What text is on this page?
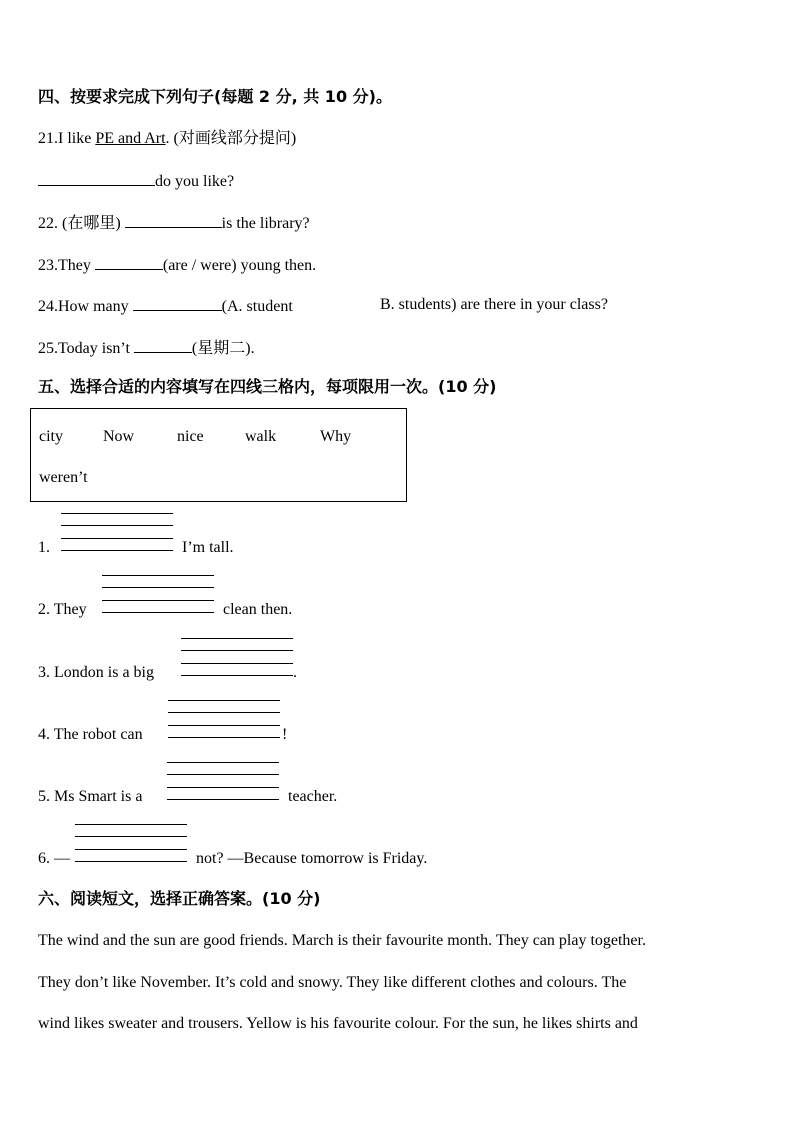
四、按要求完成下列句子(每题 2 分, 共 10 分)。
21.I like PE and Art. (对画线部分提问)
do you like?
22. (在哪里)	is the library?
23.They	(are / were) young then.
24.How many	(A. student	B. students) are there in your class?
25.Today isn’t	(星期二).
五、选择合适的内容填写在四线三格内，每项限用一次。(10 分)
city	Now	nice	walk	Why
weren’t
1.	I’m tall.
2. They	clean then.
3. London is a big	.
4. The robot can	!
5. Ms Smart is a	teacher.
6. —	not? —Because tomorrow is Friday.
六、阅读短文，选择正确答案。(10 分)
The wind and the sun are good friends. March is their favourite month. They can play together.
They don’t like November. It’s cold and snowy. They like different clothes and colours. The
wind likes sweater and trousers. Yellow is his favourite colour. For the sun, he likes shirts and
